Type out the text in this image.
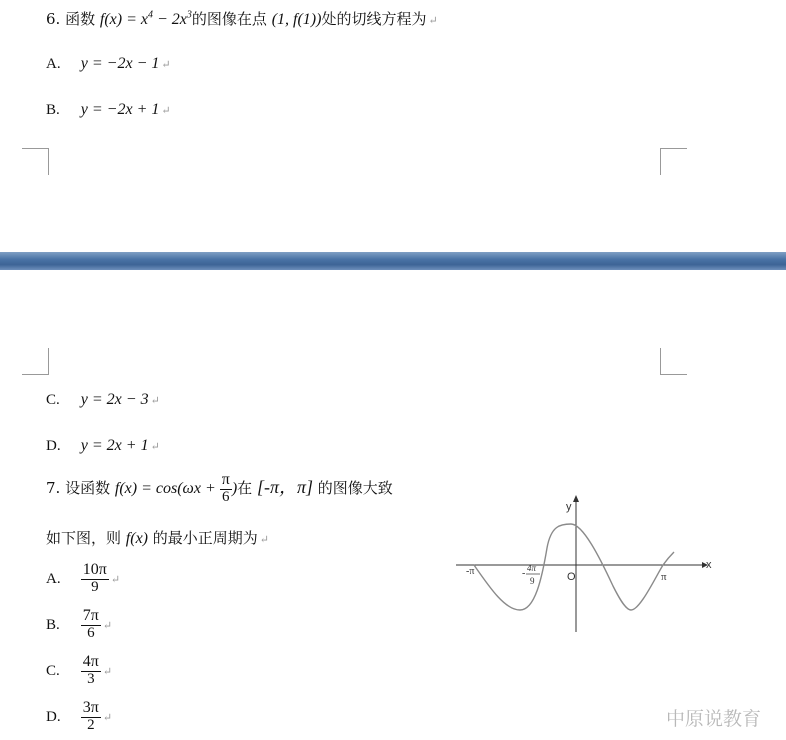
6. 函数 $f(x) = x^4 - 2x^3$的图像在点 (1, f(1))处的切线方程为 ↵
A. y = −2x − 1 ↵
B. y = −2x + 1 ↵
C. y = 2x − 3 ↵
D. y = 2x + 1 ↵
7. 设函数 $f(x) = \cos(\omega x + \frac{\pi}{6}$ )在 [-π，π] 的图像大致
如下图，则 f(x) 的最小正周期为 ↵
A. $\frac{10\pi}{9}$ ↵
B. $\frac{7\pi}{6}$ ↵
C. $\frac{4\pi}{3}$ ↵
D. $\frac{3\pi}{2}$ ↵
x
y
O
-π	π
- 4π
9
中原说教育
